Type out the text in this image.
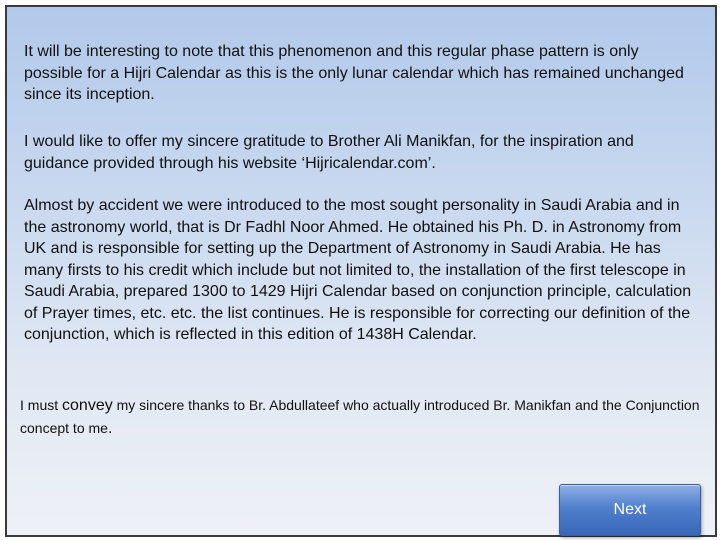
It will be interesting to note that this phenomenon and this regular phase pattern is only possible for a Hijri Calendar as this is the only lunar calendar which has remained unchanged since its inception.

I would like to offer my sincere gratitude to Brother Ali Manikfan, for the inspiration and guidance provided through his website ‘Hijricalendar.com’.

Almost by accident we were introduced to the most sought personality in Saudi Arabia and in the astronomy world, that is Dr Fadhl Noor Ahmed. He obtained his Ph. D. in Astronomy from UK and is responsible for setting up the Department of Astronomy in Saudi Arabia. He has many firsts to his credit which include but not limited to, the installation of the first telescope in Saudi Arabia, prepared 1300 to 1429 Hijri Calendar based on conjunction principle, calculation of Prayer times, etc. etc. the list continues. He is responsible for correcting our definition of the conjunction, which is reflected in this edition of 1438H Calendar.

I must convey my sincere thanks to Br. Abdullateef who actually introduced Br. Manikfan and the Conjunction concept to me.

Next
